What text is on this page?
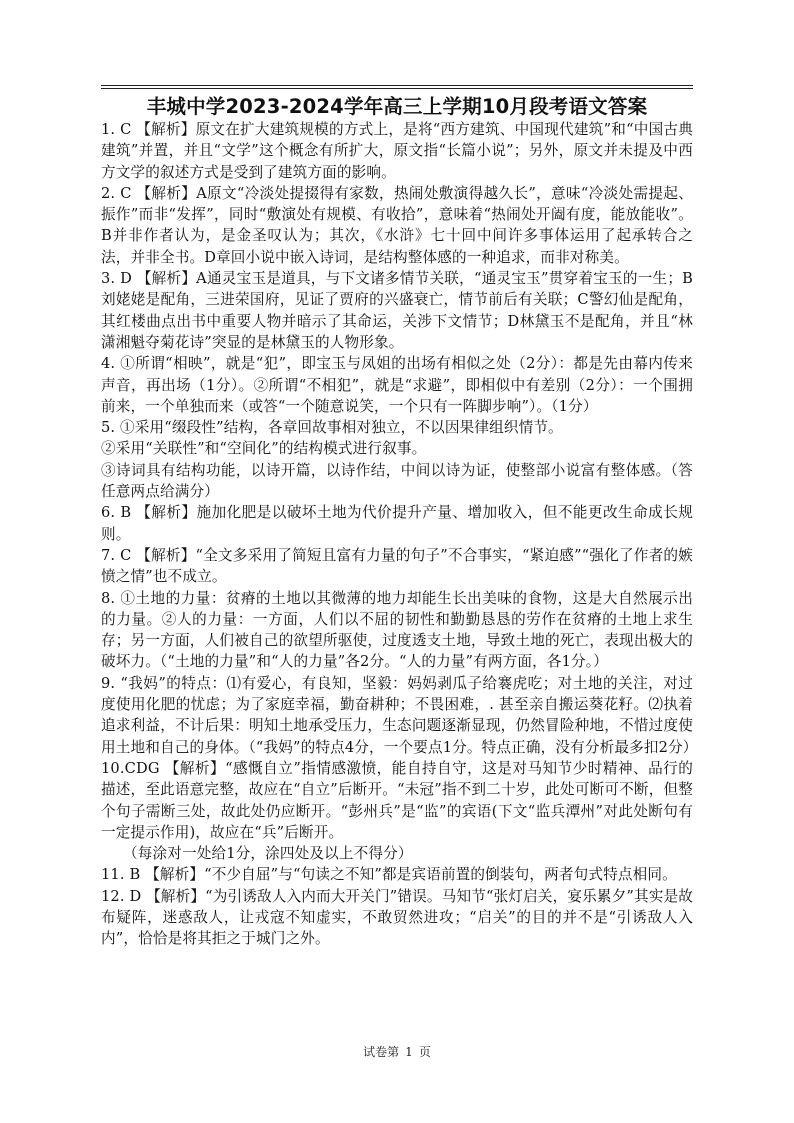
丰城中学2023-2024学年高三上学期10月段考语文答案

1. C 【解析】原文在扩大建筑规模的方式上，是将“西方建筑、中国现代建筑”和“中国古典建筑”并置，并且“文学”这个概念有所扩大，原文指“长篇小说”；另外，原文并未提及中西方文学的叙述方式是受到了建筑方面的影响。

2. C 【解析】A原文“冷淡处提掇得有家数，热闹处敷演得越久长”，意味“冷淡处需提起、振作”而非“发挥”，同时“敷演处有规模、有收拾”，意味着“热闹处开阖有度，能放能收”。B并非作者认为，是金圣叹认为；其次，《水浒》七十回中间许多事体运用了起承转合之法，并非全书。D章回小说中嵌入诗词，是结构整体感的一种追求，而非对称美。

3. D 【解析】A通灵宝玉是道具，与下文诸多情节关联，“通灵宝玉”贯穿着宝玉的一生；B刘姥姥是配角，三进荣国府，见证了贾府的兴盛衰亡，情节前后有关联；C警幻仙是配角，其红楼曲点出书中重要人物并暗示了其命运，关涉下文情节；D林黛玉不是配角，并且“林潇湘魁夺菊花诗”突显的是林黛玉的人物形象。

4. ①所谓“相映”，就是“犯”，即宝玉与凤姐的出场有相似之处（2分）：都是先由幕内传来声音，再出场（1分）。②所谓“不相犯”，就是“求避”，即相似中有差别（2分）：一个围拥前来，一个单独而来（或答“一个随意说笑，一个只有一阵脚步响”）。（1分）

5. ①采用“缀段性”结构，各章回故事相对独立，不以因果律组织情节。

②采用“关联性”和“空间化”的结构模式进行叙事。

③诗词具有结构功能，以诗开篇，以诗作结，中间以诗为证，使整部小说富有整体感。（答任意两点给满分）

6. B 【解析】施加化肥是以破坏土地为代价提升产量、增加收入，但不能更改生命成长规则。

7. C 【解析】“全文多采用了简短且富有力量的句子”不合事实，“紧迫感”“强化了作者的嫉愤之情”也不成立。

8. ①土地的力量：贫瘠的土地以其微薄的地力却能生长出美味的食物，这是大自然展示出的力量。②人的力量：一方面，人们以不屈的韧性和勤勤恳恳的劳作在贫瘠的土地上求生存；另一方面，人们被自己的欲望所驱使，过度透支土地，导致土地的死亡，表现出极大的破坏力。（“土地的力量”和“人的力量”各2分。“人的力量”有两方面，各1分。）

9. “我妈”的特点：⑴有爱心，有良知，坚毅：妈妈剥瓜子给褰虎吃；对土地的关注，对过度使用化肥的忧虑；为了家庭幸福，勤奋耕种；不畏困难，. 甚至亲自搬运葵花籽。⑵执着追求利益，不计后果：明知土地承受压力，生态问题逐渐显现，仍然冒险种地，不惜过度使用土地和自己的身体。（“我妈”的特点4分，一个要点1分。特点正确，没有分析最多扣2分）

10.CDG 【解析】“感慨自立”指情感激愤，能自持自守，这是对马知节少时精神、品行的描述，至此语意完整，故应在“自立”后断开。“未冠”指不到二十岁，此处可断可不断，但整个句子需断三处，故此处仍应断开。“彭州兵”是“监”的宾语(下文“监兵潭州”对此处断句有一定提示作用)，故应在“兵”后断开。

（每涂对一处给1分，涂四处及以上不得分）

11. B 【解析】“不少自屈”与“句读之不知”都是宾语前置的倒装句，两者句式特点相同。

12. D 【解析】“为引诱敌人入内而大开关门”错误。马知节“张灯启关，宴乐累夕”其实是故布疑阵，迷惑敌人，让戎寇不知虚实，不敢贸然进攻；“启关”的目的并不是“引诱敌人入内”，恰恰是将其拒之于城门之外。

试卷第 1 页
